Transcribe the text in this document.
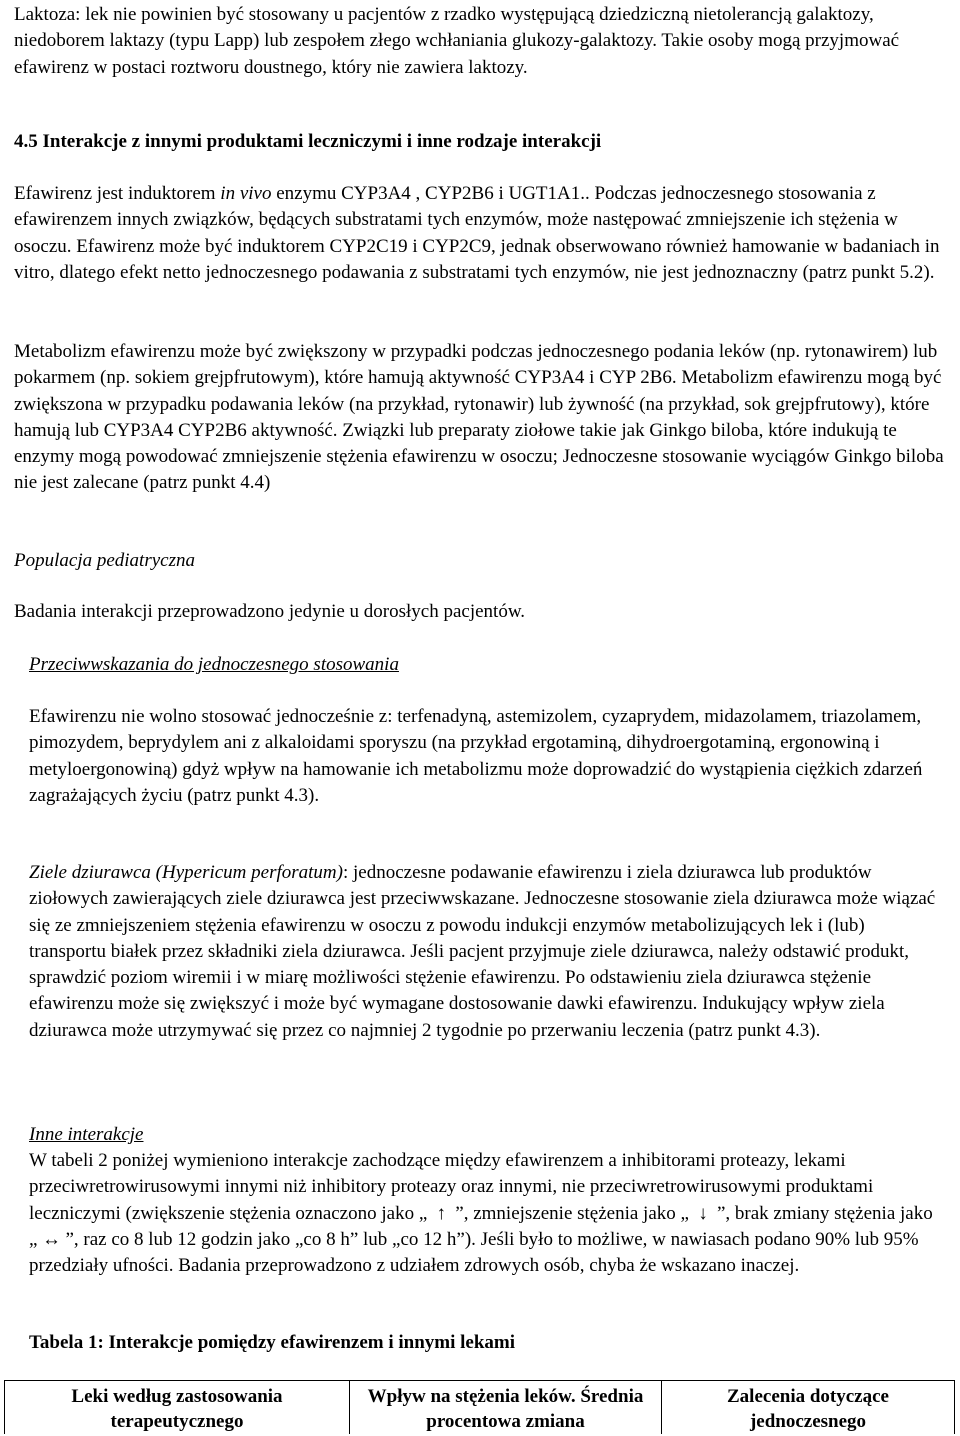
Laktoza: lek nie powinien być stosowany u pacjentów z rzadko występującą dziedziczną nietolerancją galaktozy, niedoborem laktazy (typu Lapp) lub zespołem złego wchłaniania glukozy-galaktozy. Takie osoby mogą przyjmować efawirenz w postaci roztworu doustnego, który nie zawiera laktozy.

4.5 Interakcje z innymi produktami leczniczymi i inne rodzaje interakcji

Efawirenz jest induktorem in vivo enzymu CYP3A4 , CYP2B6 i UGT1A1.. Podczas jednoczesnego stosowania z efawirenzem innych związków, będących substratami tych enzymów, może następować zmniejszenie ich stężenia w osoczu. Efawirenz może być induktorem CYP2C19 i CYP2C9, jednak obserwowano również hamowanie w badaniach in vitro, dlatego efekt netto jednoczesnego podawania z substratami tych enzymów, nie jest jednoznaczny (patrz punkt 5.2).

Metabolizm efawirenzu może być zwiększony w przypadki podczas jednoczesnego podania leków (np. rytonawirem) lub pokarmem (np. sokiem grejpfrutowym), które hamują aktywność CYP3A4 i CYP 2B6. Metabolizm efawirenzu mogą być zwiększona w przypadku podawania leków (na przykład, rytonawir) lub żywność (na przykład, sok grejpfrutowy), które hamują lub CYP3A4 CYP2B6 aktywność. Związki lub preparaty ziołowe takie jak Ginkgo biloba, które indukują te enzymy mogą powodować zmniejszenie stężenia efawirenzu w osoczu; Jednoczesne stosowanie wyciągów Ginkgo biloba nie jest zalecane (patrz punkt 4.4)

Populacja pediatryczna

Badania interakcji przeprowadzono jedynie u dorosłych pacjentów.

Przeciwwskazania do jednoczesnego stosowania

Efawirenzu nie wolno stosować jednocześnie z: terfenadyną, astemizolem, cyzaprydem, midazolamem, triazolamem, pimozydem, beprydylem ani z alkaloidami sporyszu (na przykład ergotaminą, dihydroergotaminą, ergonowiną i metyloergonowiną) gdyż wpływ na hamowanie ich metabolizmu może doprowadzić do wystąpienia ciężkich zdarzeń zagrażających życiu (patrz punkt 4.3).

Ziele dziurawca (Hypericum perforatum): jednoczesne podawanie efawirenzu i ziela dziurawca lub produktów ziołowych zawierających ziele dziurawca jest przeciwwskazane. Jednoczesne stosowanie ziela dziurawca może wiązać się ze zmniejszeniem stężenia efawirenzu w osoczu z powodu indukcji enzymów metabolizujących lek i (lub) transportu białek przez składniki ziela dziurawca. Jeśli pacjent przyjmuje ziele dziurawca, należy odstawić produkt, sprawdzić poziom wiremii i w miarę możliwości stężenie efawirenzu. Po odstawieniu ziela dziurawca stężenie efawirenzu może się zwiększyć i może być wymagane dostosowanie dawki efawirenzu. Indukujący wpływ ziela dziurawca może utrzymywać się przez co najmniej 2 tygodnie po przerwaniu leczenia (patrz punkt 4.3).

Inne interakcje

W tabeli 2 poniżej wymieniono interakcje zachodzące między efawirenzem a inhibitorami proteazy, lekami przeciwretrowirusowymi innymi niż inhibitory proteazy oraz innymi, nie przeciwretrowirusowymi produktami leczniczymi (zwiększenie stężenia oznaczono jako „ ↑ ”, zmniejszenie stężenia jako „ ↓ ”, brak zmiany stężenia jako „ ↔ ”, raz co 8 lub 12 godzin jako „co 8 h” lub „co 12 h”). Jeśli było to możliwe, w nawiasach podano 90% lub 95% przedziały ufności. Badania przeprowadzono z udziałem zdrowych osób, chyba że wskazano inaczej.

Tabela 1: Interakcje pomiędzy efawirenzem i innymi lekami

Leki według zastosowania terapeutycznego	Wpływ na stężenia leków. Średnia procentowa zmiana	Zalecenia dotyczące jednoczesnego
